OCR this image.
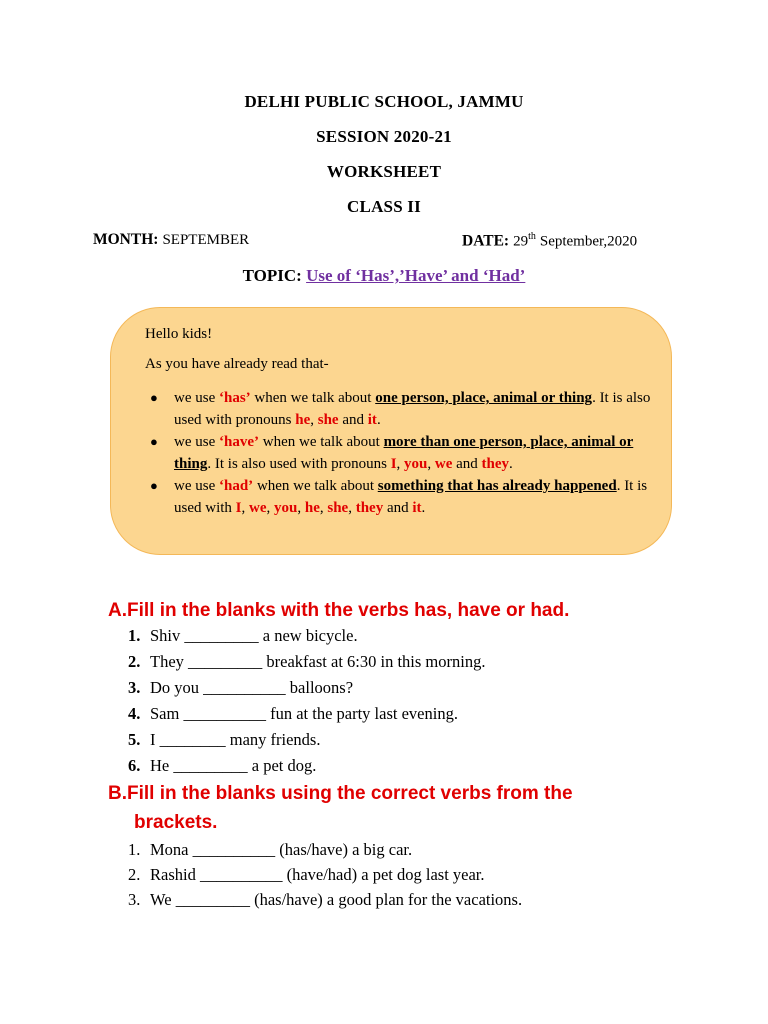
DELHI PUBLIC SCHOOL, JAMMU
SESSION 2020-21
WORKSHEET
CLASS II
MONTH: SEPTEMBER	DATE: 29th September,2020
TOPIC: Use of ‘Has’,’Have’ and ‘Had’
Hello kids!
As you have already read that-
● we use ‘has’ when we talk about one person, place, animal or thing. It is also used with pronouns he, she and it.
● we use ‘have’ when we talk about more than one person, place, animal or thing. It is also used with pronouns I, you, we and they.
● we use ‘had’ when we talk about something that has already happened. It is used with I, we, you, he, she, they and it.
A.Fill in the blanks with the verbs has, have or had.
1. Shiv _________ a new bicycle.
2. They _________ breakfast at 6:30 in this morning.
3. Do you __________ balloons?
4. Sam __________ fun at the party last evening.
5. I ________ many friends.
6. He _________ a pet dog.
B.Fill in the blanks using the correct verbs from the
brackets.
1. Mona __________ (has/have) a big car.
2. Rashid __________ (have/had) a pet dog last year.
3. We _________ (has/have) a good plan for the vacations.
